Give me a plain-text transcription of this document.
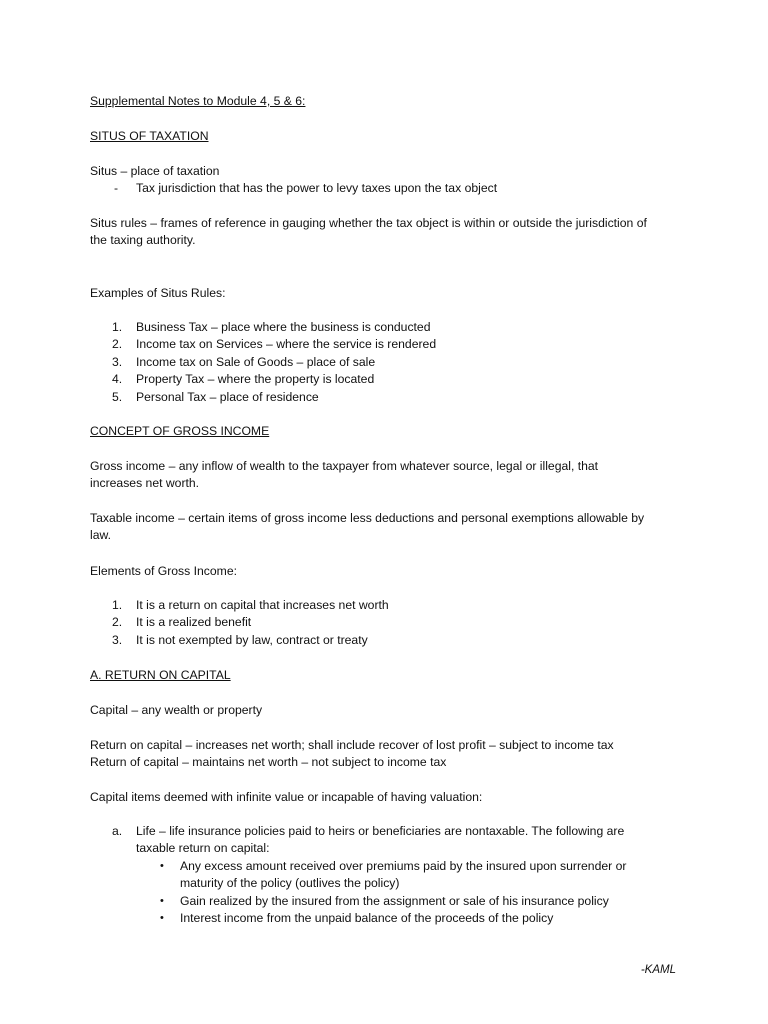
Supplemental Notes to Module 4, 5 & 6:
SITUS OF TAXATION
Situs – place of taxation
-	Tax jurisdiction that has the power to levy taxes upon the tax object
Situs rules – frames of reference in gauging whether the tax object is within or outside the jurisdiction of
the taxing authority.
Examples of Situs Rules:
1.	Business Tax – place where the business is conducted
2.	Income tax on Services – where the service is rendered
3.	Income tax on Sale of Goods – place of sale
4.	Property Tax – where the property is located
5.	Personal Tax – place of residence
CONCEPT OF GROSS INCOME
Gross income – any inflow of wealth to the taxpayer from whatever source, legal or illegal, that
increases net worth.
Taxable income – certain items of gross income less deductions and personal exemptions allowable by
law.
Elements of Gross Income:
1.	It is a return on capital that increases net worth
2.	It is a realized benefit
3.	It is not exempted by law, contract or treaty
A. RETURN ON CAPITAL
Capital – any wealth or property
Return on capital – increases net worth; shall include recover of lost profit – subject to income tax
Return of capital – maintains net worth – not subject to income tax
Capital items deemed with infinite value or incapable of having valuation:
a.	Life – life insurance policies paid to heirs or beneficiaries are nontaxable. The following are
taxable return on capital:
•	Any excess amount received over premiums paid by the insured upon surrender or
maturity of the policy (outlives the policy)
•	Gain realized by the insured from the assignment or sale of his insurance policy
•	Interest income from the unpaid balance of the proceeds of the policy
-KAML
